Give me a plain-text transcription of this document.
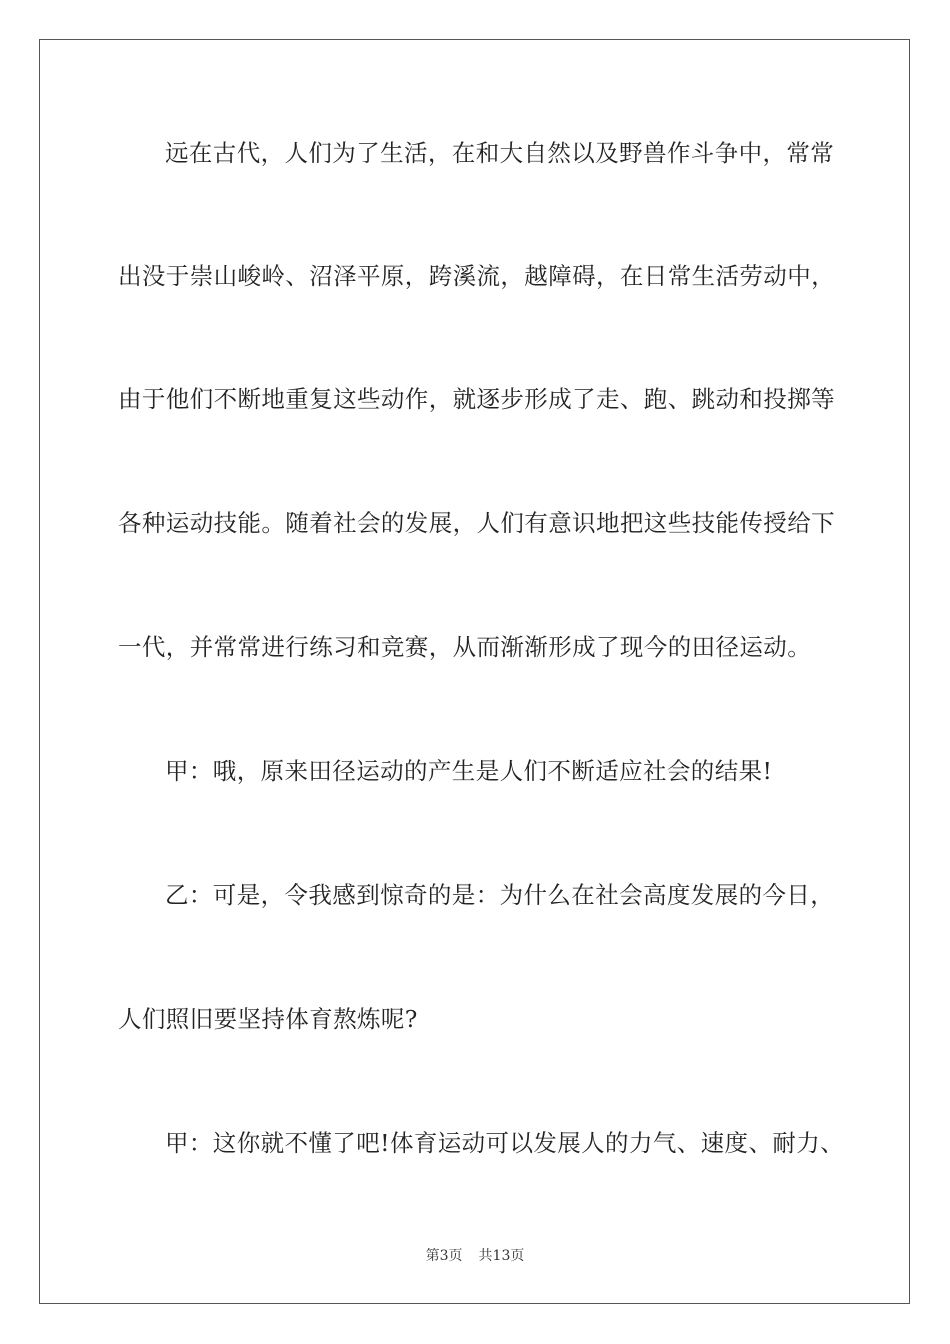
远在古代，人们为了生活，在和大自然以及野兽作斗争中，常常
出没于崇山峻岭、沼泽平原，跨溪流，越障碍，在日常生活劳动中，
由于他们不断地重复这些动作，就逐步形成了走、跑、跳动和投掷等
各种运动技能。随着社会的发展，人们有意识地把这些技能传授给下
一代，并常常进行练习和竞赛，从而渐渐形成了现今的田径运动。
甲：哦，原来田径运动的产生是人们不断适应社会的结果!
乙：可是，令我感到惊奇的是：为什么在社会高度发展的今日，
人们照旧要坚持体育熬炼呢?
甲：这你就不懂了吧!体育运动可以发展人的力气、速度、耐力、
第3页 共13页
